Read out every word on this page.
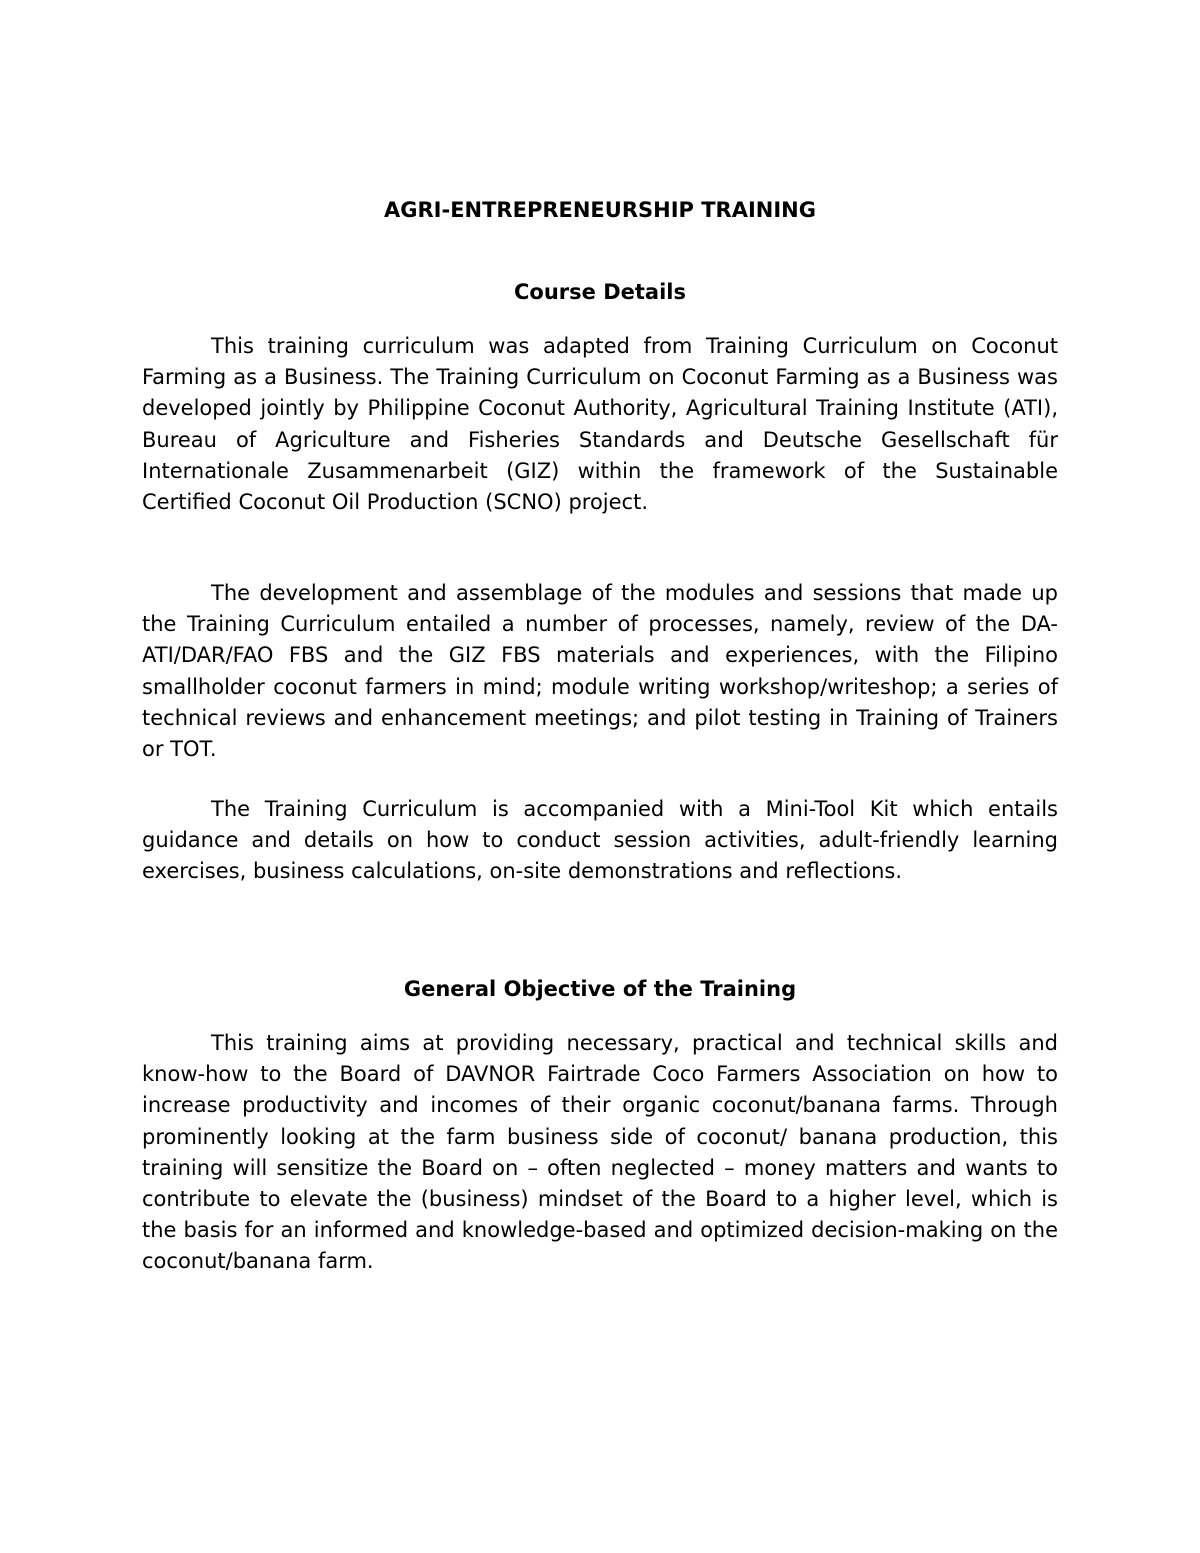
AGRI-ENTREPRENEURSHIP TRAINING
Course Details

This training curriculum was adapted from Training Curriculum on Coconut Farming as a Business. The Training Curriculum on Coconut Farming as a Business was developed jointly by Philippine Coconut Authority, Agricultural Training Institute (ATI), Bureau of Agriculture and Fisheries Standards and Deutsche Gesellschaft für Internationale Zusammenarbeit (GIZ) within the framework of the Sustainable Certified Coconut Oil Production (SCNO) project.

The development and assemblage of the modules and sessions that made up the Training Curriculum entailed a number of processes, namely, review of the DA-ATI/DAR/FAO FBS and the GIZ FBS materials and experiences, with the Filipino smallholder coconut farmers in mind; module writing workshop/writeshop; a series of technical reviews and enhancement meetings; and pilot testing in Training of Trainers or TOT.

The Training Curriculum is accompanied with a Mini-Tool Kit which entails guidance and details on how to conduct session activities, adult-friendly learning exercises, business calculations, on-site demonstrations and reflections.

General Objective of the Training

This training aims at providing necessary, practical and technical skills and know-how to the Board of DAVNOR Fairtrade Coco Farmers Association on how to increase productivity and incomes of their organic coconut/banana farms. Through prominently looking at the farm business side of coconut/ banana production, this training will sensitize the Board on – often neglected – money matters and wants to contribute to elevate the (business) mindset of the Board to a higher level, which is the basis for an informed and knowledge-based and optimized decision-making on the coconut/banana farm.
